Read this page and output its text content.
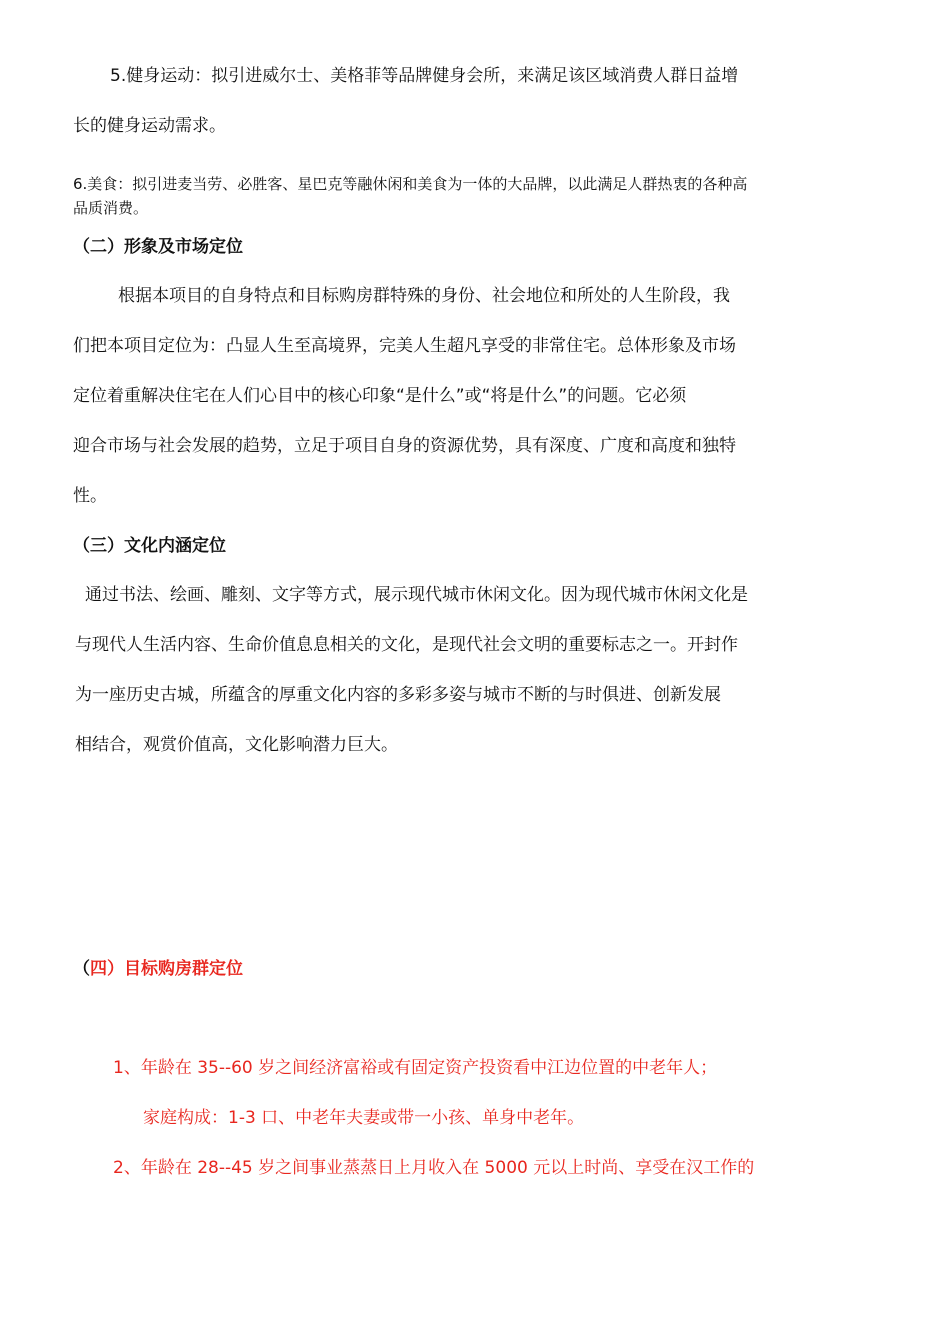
5.健身运动：拟引进威尔士、美格菲等品牌健身会所，来满足该区域消费人群日益增
长的健身运动需求。
6.美食：拟引进麦当劳、必胜客、星巴克等融休闲和美食为一体的大品牌，以此满足人群热衷的各种高
品质消费。
（二）形象及市场定位
根据本项目的自身特点和目标购房群特殊的身份、社会地位和所处的人生阶段，我
们把本项目定位为：凸显人生至高境界，完美人生超凡享受的非常住宅。总体形象及市场
定位着重解决住宅在人们心目中的核心印象“是什么”或“将是什么”的问题。它必须
迎合市场与社会发展的趋势，立足于项目自身的资源优势，具有深度、广度和高度和独特
性。
（三）文化内涵定位
通过书法、绘画、雕刻、文字等方式，展示现代城市休闲文化。因为现代城市休闲文化是
与现代人生活内容、生命价值息息相关的文化，是现代社会文明的重要标志之一。开封作
为一座历史古城，所蕴含的厚重文化内容的多彩多姿与城市不断的与时俱进、创新发展
相结合，观赏价值高，文化影响潜力巨大。
（四）目标购房群定位
1、年龄在 35--60 岁之间经济富裕或有固定资产投资看中江边位置的中老年人；
家庭构成：1-3 口、中老年夫妻或带一小孩、单身中老年。
2、年龄在 28--45 岁之间事业蒸蒸日上月收入在 5000 元以上时尚、享受在汉工作的
